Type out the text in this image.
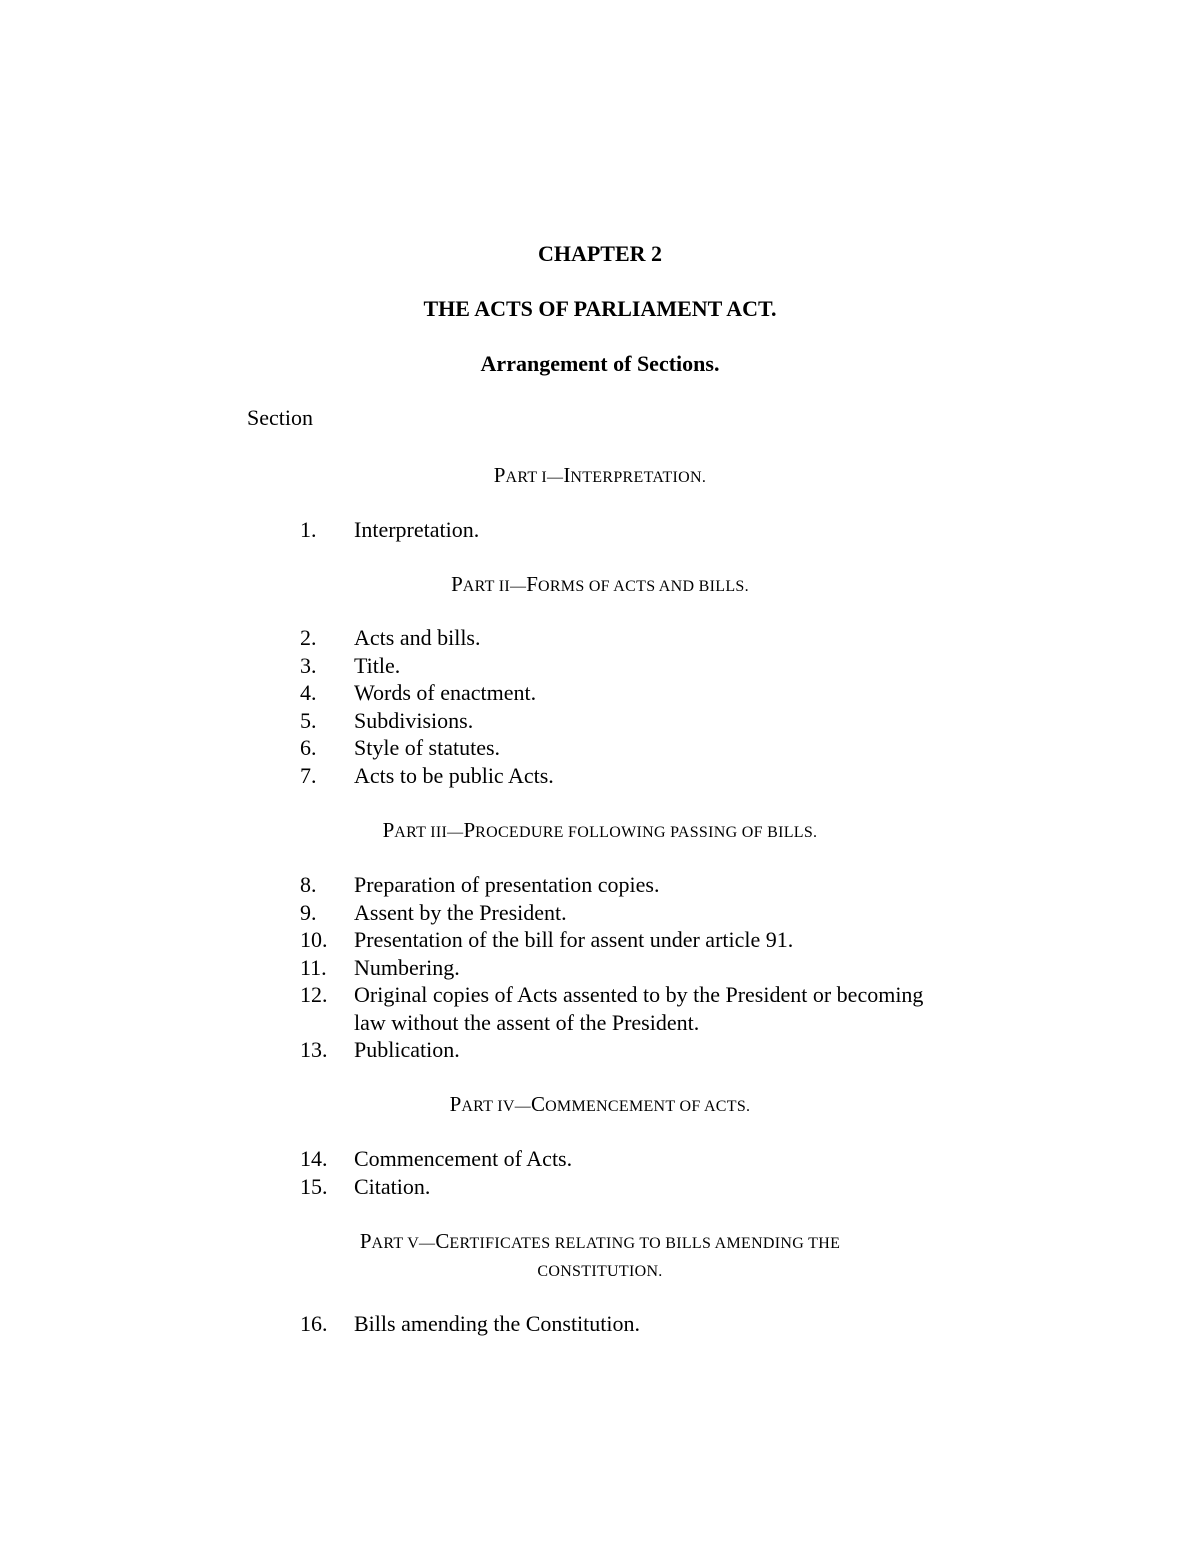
CHAPTER 2
THE ACTS OF PARLIAMENT ACT.
Arrangement of Sections.
Section
PART I—INTERPRETATION.
1. Interpretation.
PART II—FORMS OF ACTS AND BILLS.
2. Acts and bills.
3. Title.
4. Words of enactment.
5. Subdivisions.
6. Style of statutes.
7. Acts to be public Acts.
PART III—PROCEDURE FOLLOWING PASSING OF BILLS.
8. Preparation of presentation copies.
9. Assent by the President.
10. Presentation of the bill for assent under article 91.
11. Numbering.
12. Original copies of Acts assented to by the President or becoming law without the assent of the President.
13. Publication.
PART IV—COMMENCEMENT OF ACTS.
14. Commencement of Acts.
15. Citation.
PART V—CERTIFICATES RELATING TO BILLS AMENDING THE
CONSTITUTION.
16. Bills amending the Constitution.
